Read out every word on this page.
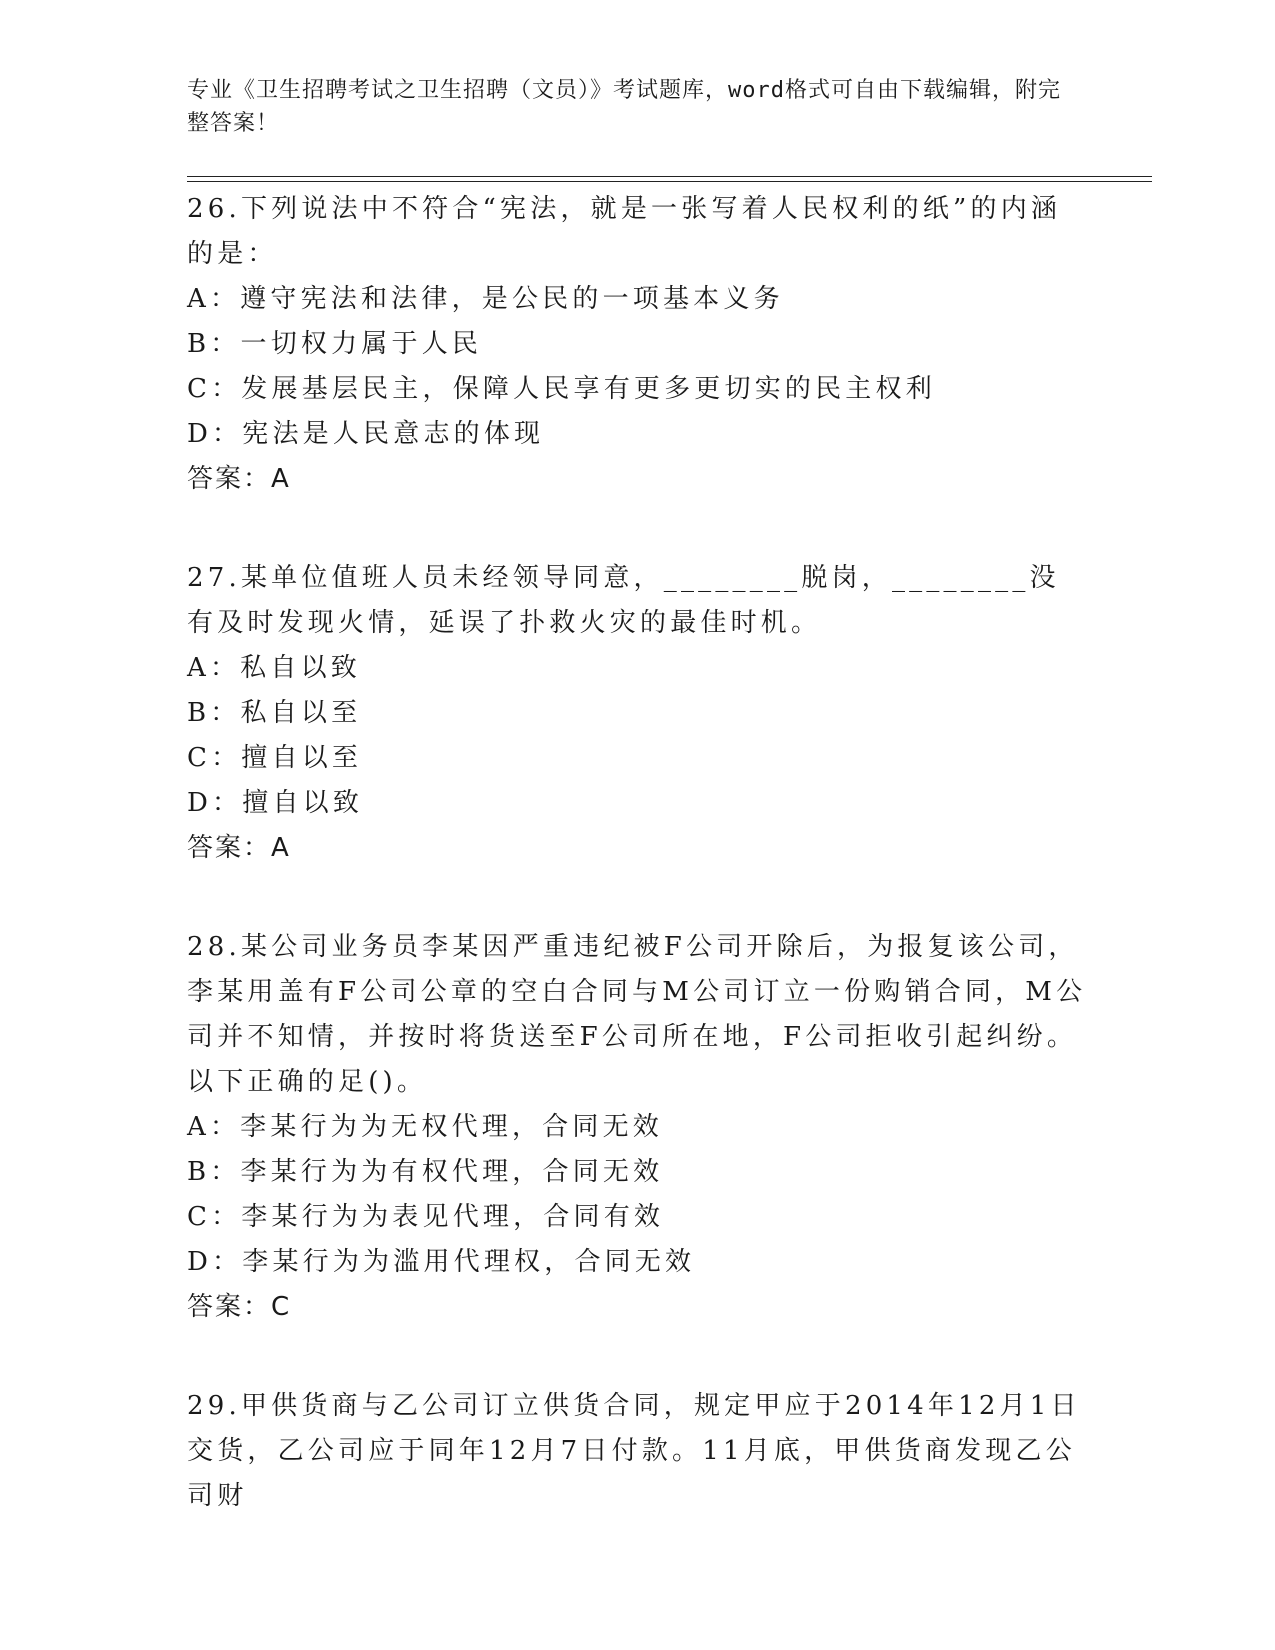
专业《卫生招聘考试之卫生招聘（文员）》考试题库，word格式可自由下载编辑，附完整答案！

26.下列说法中不符合“宪法，就是一张写着人民权利的纸”的内涵的是：

A：遵守宪法和法律，是公民的一项基本义务

B：一切权力属于人民

C：发展基层民主，保障人民享有更多更切实的民主权利

D：宪法是人民意志的体现

答案：A

27.某单位值班人员未经领导同意，________脱岗，________没有及时发现火情，延误了扑救火灾的最佳时机。

A：私自以致

B：私自以至

C：擅自以至

D：擅自以致

答案：A

28.某公司业务员李某因严重违纪被F公司开除后，为报复该公司，李某用盖有F公司公章的空白合同与M公司订立一份购销合同，M公司并不知情，并按时将货送至F公司所在地，F公司拒收引起纠纷。以下正确的足()。

A：李某行为为无权代理，合同无效

B：李某行为为有权代理，合同无效

C：李某行为为表见代理，合同有效

D：李某行为为滥用代理权，合同无效

答案：C

29.甲供货商与乙公司订立供货合同，规定甲应于2014年12月1日交货，乙公司应于同年12月7日付款。11月底，甲供货商发现乙公司财
